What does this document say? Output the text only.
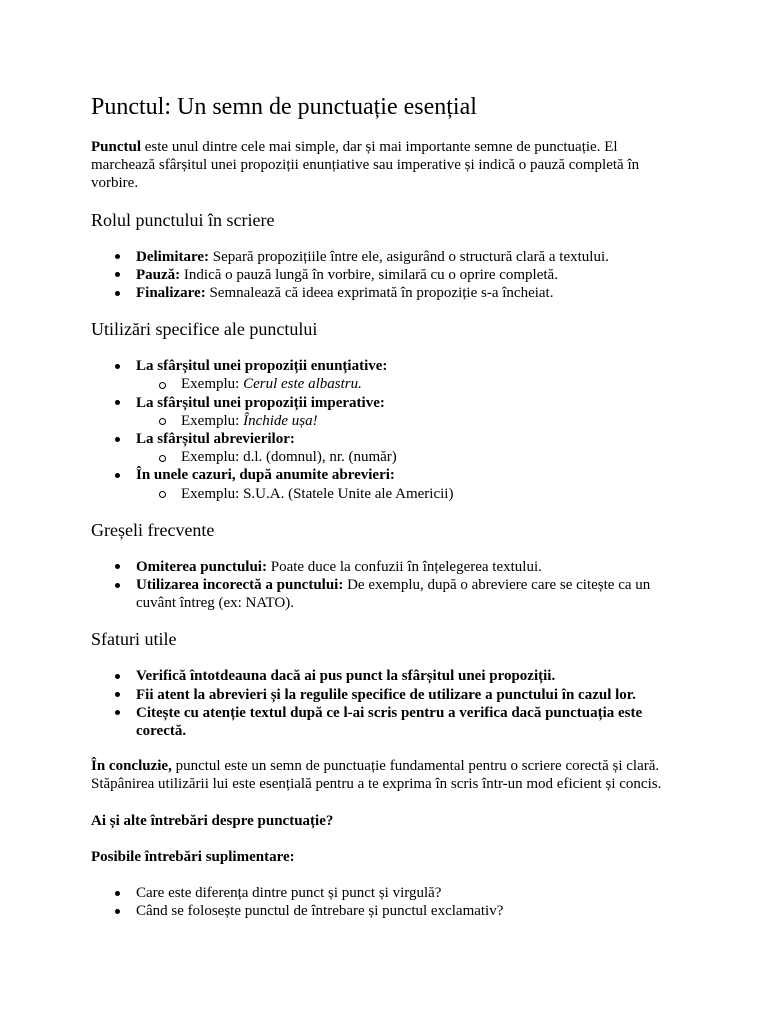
Punctul: Un semn de punctuație esențial

Punctul este unul dintre cele mai simple, dar și mai importante semne de punctuație. El marchează sfârșitul unei propoziții enunțiative sau imperative și indică o pauză completă în vorbire.

Rolul punctului în scriere
Delimitare: Separă propozițiile între ele, asigurând o structură clară a textului.
Pauză: Indică o pauză lungă în vorbire, similară cu o oprire completă.
Finalizare: Semnalează că ideea exprimată în propoziție s-a încheiat.
Utilizări specifice ale punctului
La sfârșitul unei propoziții enunțiative:
Exemplu: Cerul este albastru.
La sfârșitul unei propoziții imperative:
Exemplu: Închide ușa!
La sfârșitul abrevierilor:
Exemplu: d.l. (domnul), nr. (număr)
În unele cazuri, după anumite abrevieri:
Exemplu: S.U.A. (Statele Unite ale Americii)
Greșeli frecvente
Omiterea punctului: Poate duce la confuzii în înțelegerea textului.
Utilizarea incorectă a punctului: De exemplu, după o abreviere care se citește ca un cuvânt întreg (ex: NATO).
Sfaturi utile
Verifică întotdeauna dacă ai pus punct la sfârșitul unei propoziții.
Fii atent la abrevieri și la regulile specifice de utilizare a punctului în cazul lor.
Citește cu atenție textul după ce l-ai scris pentru a verifica dacă punctuația este corectă.

În concluzie, punctul este un semn de punctuație fundamental pentru o scriere corectă și clară. Stăpânirea utilizării lui este esențială pentru a te exprima în scris într-un mod eficient și concis.

Ai și alte întrebări despre punctuație?

Posibile întrebări suplimentare:

Care este diferența dintre punct și punct și virgulă?
Când se folosește punctul de întrebare și punctul exclamativ?
